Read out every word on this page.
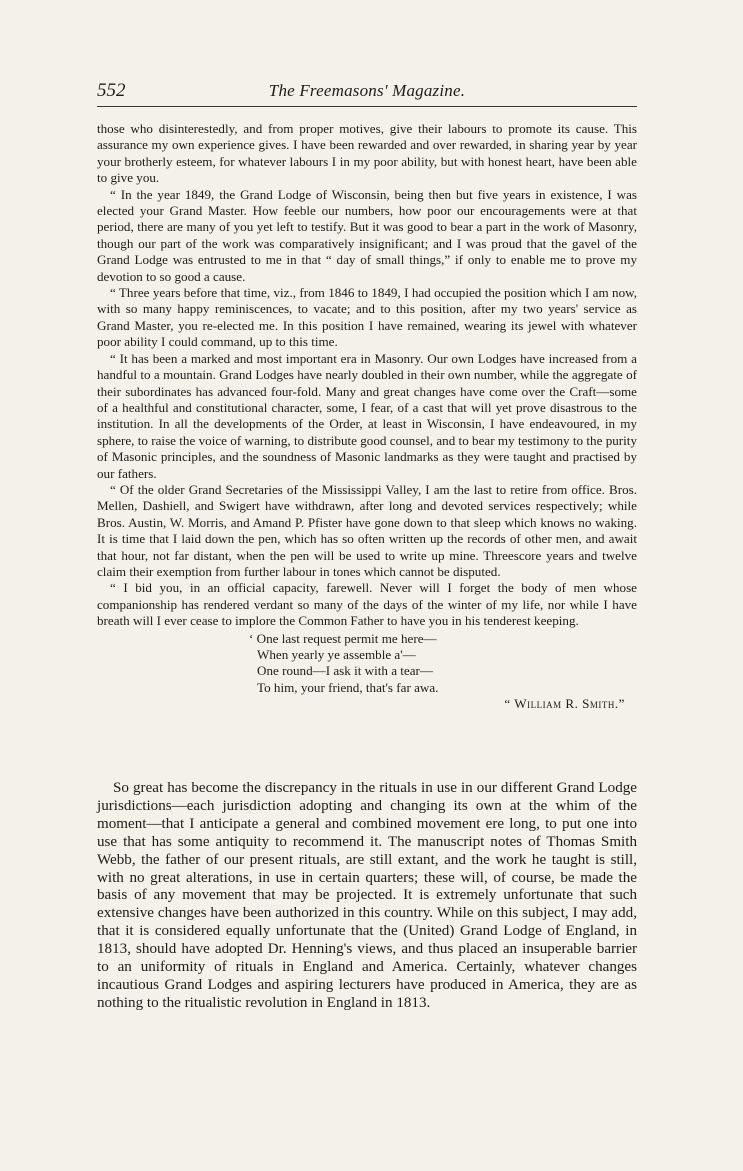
552	The Freemasons' Magazine.

those who disinterestedly, and from proper motives, give their labours to promote its cause. This assurance my own experience gives. I have been rewarded and over rewarded, in sharing year by year your brotherly esteem, for whatever labours I in my poor ability, but with honest heart, have been able to give you.

“ In the year 1849, the Grand Lodge of Wisconsin, being then but five years in existence, I was elected your Grand Master. How feeble our numbers, how poor our encouragements were at that period, there are many of you yet left to testify. But it was good to bear a part in the work of Masonry, though our part of the work was comparatively insignificant; and I was proud that the gavel of the Grand Lodge was entrusted to me in that “ day of small things,” if only to enable me to prove my devotion to so good a cause.

“ Three years before that time, viz., from 1846 to 1849, I had occupied the position which I am now, with so many happy reminiscences, to vacate; and to this position, after my two years' service as Grand Master, you re-elected me. In this position I have remained, wearing its jewel with whatever poor ability I could command, up to this time.

“ It has been a marked and most important era in Masonry. Our own Lodges have increased from a handful to a mountain. Grand Lodges have nearly doubled in their own number, while the aggregate of their subordinates has advanced four-fold. Many and great changes have come over the Craft—some of a healthful and constitutional character, some, I fear, of a cast that will yet prove disastrous to the institution. In all the developments of the Order, at least in Wisconsin, I have endeavoured, in my sphere, to raise the voice of warning, to distribute good counsel, and to bear my testimony to the purity of Masonic principles, and the soundness of Masonic landmarks as they were taught and practised by our fathers.

“ Of the older Grand Secretaries of the Mississippi Valley, I am the last to retire from office. Bros. Mellen, Dashiell, and Swigert have withdrawn, after long and devoted services respectively; while Bros. Austin, W. Morris, and Amand P. Pfister have gone down to that sleep which knows no waking. It is time that I laid down the pen, which has so often written up the records of other men, and await that hour, not far distant, when the pen will be used to write up mine. Threescore years and twelve claim their exemption from further labour in tones which cannot be disputed.

“ I bid you, in an official capacity, farewell. Never will I forget the body of men whose companionship has rendered verdant so many of the days of the winter of my life, nor while I have breath will I ever cease to implore the Common Father to have you in his tenderest keeping.

‘ One last request permit me here—
When yearly ye assemble a'—
One round—I ask it with a tear—
To him, your friend, that's far awa.
“ William R. Smith.”

So great has become the discrepancy in the rituals in use in our different Grand Lodge jurisdictions—each jurisdiction adopting and changing its own at the whim of the moment—that I anticipate a general and combined movement ere long, to put one into use that has some antiquity to recommend it. The manuscript notes of Thomas Smith Webb, the father of our present rituals, are still extant, and the work he taught is still, with no great alterations, in use in certain quarters; these will, of course, be made the basis of any movement that may be projected. It is extremely unfortunate that such extensive changes have been authorized in this country. While on this subject, I may add, that it is considered equally unfortunate that the (United) Grand Lodge of England, in 1813, should have adopted Dr. Henning's views, and thus placed an insuperable barrier to an uniformity of rituals in England and America. Certainly, whatever changes incautious Grand Lodges and aspiring lecturers have produced in America, they are as nothing to the ritualistic revolution in England in 1813.
